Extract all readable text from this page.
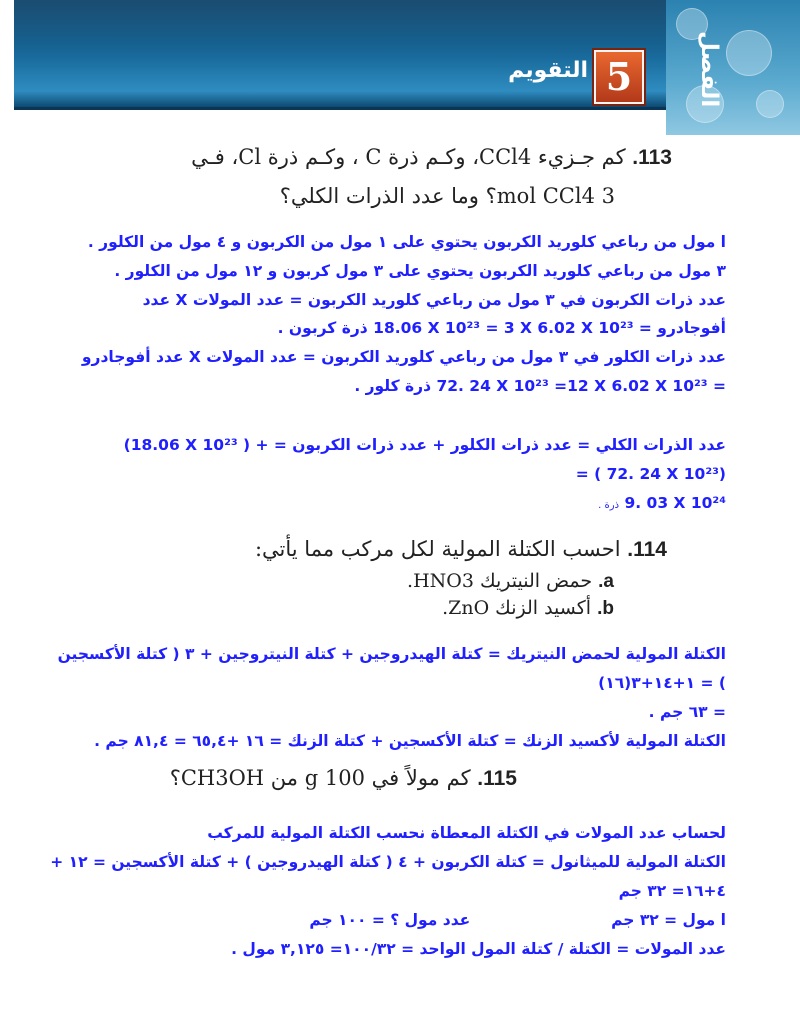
الفصل
التقويم 5
113. كم جـزيء CCl4، وكـم ذرة C ، وكـم ذرة Cl، فـي
3 mol CCl4؟ وما عدد الذرات الكلي؟
ا مول من رباعي كلوريد الكربون يحتوي على ١ مول من الكربون و ٤ مول من الكلور .
٣ مول من رباعي كلوريد الكربون يحتوي على ٣ مول كربون و ١٢ مول من الكلور .
عدد ذرات الكربون في ٣ مول من رباعي كلوريد الكربون = عدد المولات X عدد
أفوجادرو = 18.06 X 10²³ = 3 X 6.02 X 10²³ ذرة كربون .
عدد ذرات الكلور في ٣ مول من رباعي كلوريد الكربون = عدد المولات X عدد أفوجادرو
= 72. 24 X 10²³ =12 X 6.02 X 10²³ ذرة كلور .
عدد الذرات الكلي = عدد ذرات الكلور + عدد ذرات الكربون = (18.06 X 10²³ ) +
= ( 72. 24 X 10²³)
9. 03 X 10²⁴ ذرة .
114. احسب الكتلة المولية لكل مركب مما يأتي:
a. حمض النيتريك HNO3.
b. أكسيد الزنك ZnO.
الكتلة المولية لحمض النيتريك = كتلة الهيدروجين + كتلة النيتروجين + ٣ ( كتلة الأكسجين
) = ١+١٤+٣(١٦)
= ٦٣ جم .
الكتلة المولية لأكسيد الزنك = كتلة الأكسجين + كتلة الزنك = ١٦ +٦٥,٤ = ٨١,٤ جم .
115. كم مولاً في 100 g من CH3OH؟
لحساب عدد المولات في الكتلة المعطاة نحسب الكتلة المولية للمركب
الكتلة المولية للميثانول = كتلة الكربون + ٤ ( كتلة الهيدروجين ) + كتلة الأكسجين = ١٢ +
٤+١٦= ٣٢ جم
ا مول = ٣٢ جم  عدد مول ؟ = ١٠٠ جم
عدد المولات = الكتلة / كتلة المول الواحد = ١٠٠/٣٢= ٣,١٢٥ مول .
